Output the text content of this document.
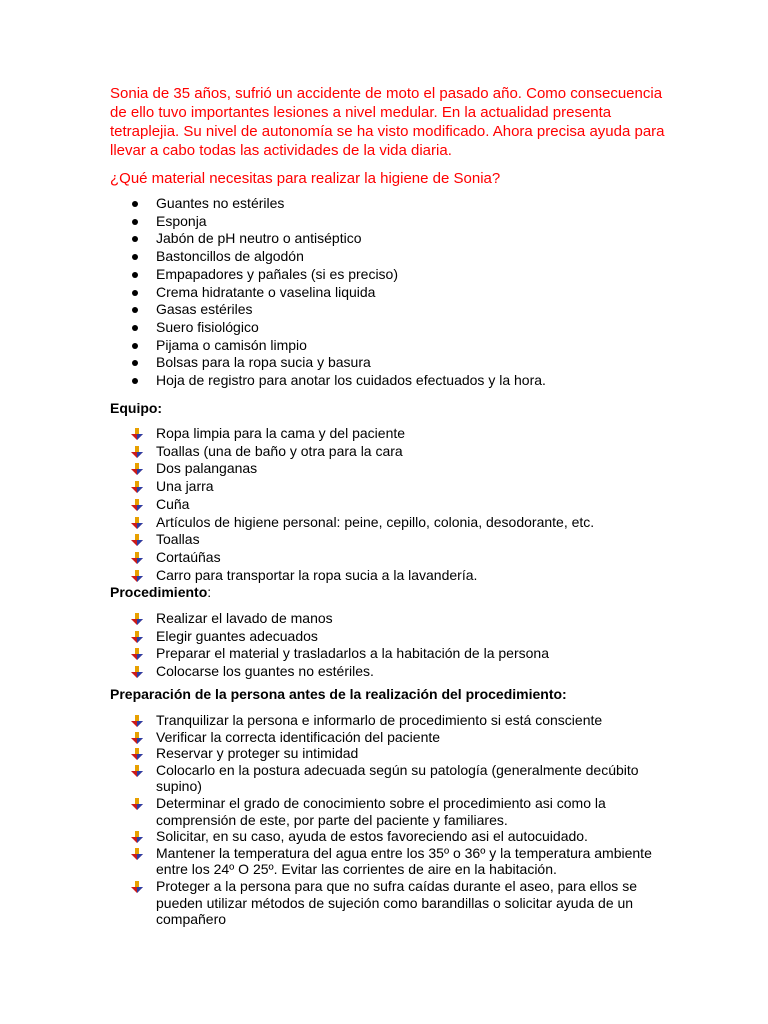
Sonia de 35 años, sufrió un accidente de moto el pasado año. Como consecuencia de ello tuvo importantes lesiones a nivel medular. En la actualidad presenta tetraplejia. Su nivel de autonomía se ha visto modificado. Ahora precisa ayuda para llevar a cabo todas las actividades de la vida diaria.

¿Qué material necesitas para realizar la higiene de Sonia?

Guantes no estériles
Esponja
Jabón de pH neutro o antiséptico
Bastoncillos de algodón
Empapadores y pañales (si es preciso)
Crema hidratante o vaselina liquida
Gasas estériles
Suero fisiológico
Pijama o camisón limpio
Bolsas para la ropa sucia y basura
Hoja de registro para anotar los cuidados efectuados y la hora.

Equipo:

Ropa limpia para la cama y del paciente
Toallas (una de baño y otra para la cara
Dos palanganas
Una jarra
Cuña
Artículos de higiene personal: peine, cepillo, colonia, desodorante, etc.
Toallas
Cortaúñas
Carro para transportar la ropa sucia a la lavandería.

Procedimiento:

Realizar el lavado de manos
Elegir guantes adecuados
Preparar el material y trasladarlos a la habitación de la persona
Colocarse los guantes no estériles.

Preparación de la persona antes de la realización del procedimiento:

Tranquilizar la persona e informarlo de procedimiento si está consciente
Verificar la correcta identificación del paciente
Reservar y proteger su intimidad
Colocarlo en la postura adecuada según su patología (generalmente decúbito supino)
Determinar el grado de conocimiento sobre el procedimiento asi como la comprensión de este, por parte del paciente y familiares.
Solicitar, en su caso, ayuda de estos favoreciendo asi el autocuidado.
Mantener la temperatura del agua entre los 35º o 36º y la temperatura ambiente entre los 24º O 25º. Evitar las corrientes de aire en la habitación.
Proteger a la persona para que no sufra caídas durante el aseo, para ellos se pueden utilizar métodos de sujeción como barandillas o solicitar ayuda de un compañero
